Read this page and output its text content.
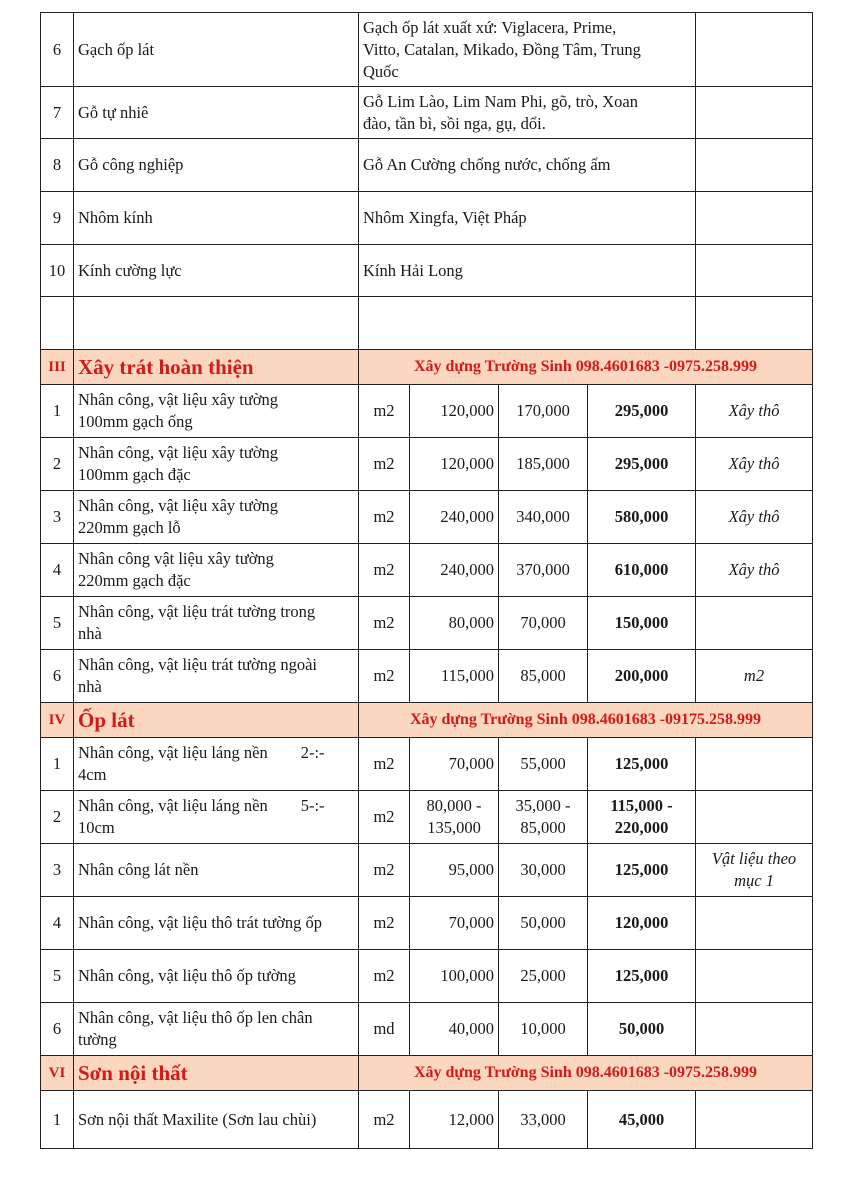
6	Gạch ốp lát	Gạch ốp lát xuất xứ: Viglacera, Prime,
Vitto, Catalan, Mikado, Đồng Tâm, Trung
Quốc				

7	Gỗ tự nhiê	Gỗ Lim Lào, Lim Nam Phi, gõ, trò, Xoan
đào, tần bì, sồi nga, gụ, dổi.				

8	Gỗ công nghiệp	Gỗ An Cường chống nước, chống ẩm				

9	Nhôm kính	Nhôm Xingfa, Việt Pháp				

10	Kính cường lực	Kính Hải Long				

III	Xây trát hoàn thiện	Xây dựng Trường Sinh 098.4601683 -0975.258.999				
1	Nhân công, vật liệu xây tường
100mm gạch ống	m2	120,000	170,000	295,000	Xây thô

2	Nhân công, vật liệu xây tường
100mm gạch đặc	m2	120,000	185,000	295,000	Xây thô

3	Nhân công, vật liệu xây tường
220mm gạch lỗ	m2	240,000	340,000	580,000	Xây thô

4	Nhân công vật liệu xây tường
220mm gạch đặc	m2	240,000	370,000	610,000	Xây thô

5	Nhân công, vật liệu trát tường trong
nhà	m2	80,000	70,000	150,000	

6	Nhân công, vật liệu trát tường ngoài
nhà	m2	115,000	85,000	200,000	m2

IV	Ốp lát	Xây dựng Trường Sinh 098.4601683 -09175.258.999				
1	Nhân công, vật liệu láng nền        2-:-
4cm	m2	70,000	55,000	125,000	

2	Nhân công, vật liệu láng nền        5-:-
10cm	m2	80,000 -
135,000	35,000 -
85,000	115,000 -
220,000	

3	Nhân công lát nền	m2	95,000	30,000	125,000	Vật liệu theo
mục 1

4	Nhân công, vật liệu thô trát tường ốp	m2	70,000	50,000	120,000	

5	Nhân công, vật liệu thô ốp tường	m2	100,000	25,000	125,000	

6	Nhân công, vật liệu thô ốp len chân
tường	md	40,000	10,000	50,000	

VI	Sơn nội thất	Xây dựng Trường Sinh 098.4601683 -0975.258.999				
1	Sơn nội thất Maxilite (Sơn lau chùi)	m2	12,000	33,000	45,000	
